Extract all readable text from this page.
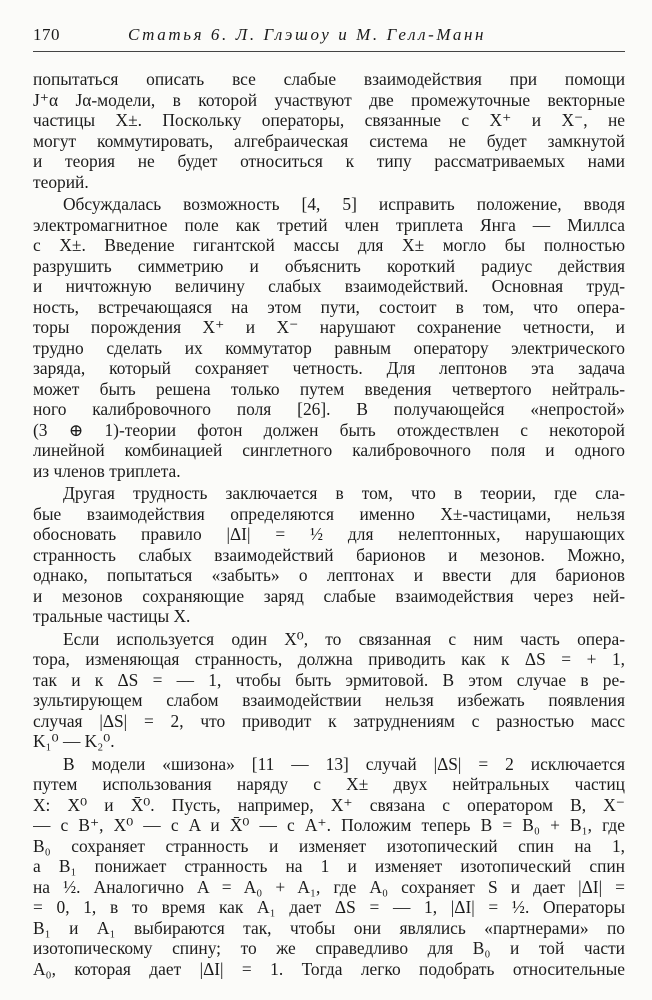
170	Статья 6. Л. Глэшоу и М. Гелл-Манн
попытаться описать все слабые взаимодействия при помощи
J⁺α Jα-модели, в которой участвуют две промежуточные векторные
частицы X±. Поскольку операторы, связанные с X⁺ и X⁻, не
могут коммутировать, алгебраическая система не будет замкнутой
и теория не будет относиться к типу рассматриваемых нами
теорий.
Обсуждалась возможность [4, 5] исправить положение, вводя
электромагнитное поле как третий член триплета Янга — Миллса
с X±. Введение гигантской массы для X± могло бы полностью
разрушить симметрию и объяснить короткий радиус действия
и ничтожную величину слабых взаимодействий. Основная труд-
ность, встречающаяся на этом пути, состоит в том, что опера-
торы порождения X⁺ и X⁻ нарушают сохранение четности, и
трудно сделать их коммутатор равным оператору электрического
заряда, который сохраняет четность. Для лептонов эта задача
может быть решена только путем введения четвертого нейтраль-
ного калибровочного поля [26]. В получающейся «непростой»
(3 ⊕ 1)-теории фотон должен быть отождествлен с некоторой
линейной комбинацией синглетного калибровочного поля и одного
из членов триплета.
Другая трудность заключается в том, что в теории, где сла-
бые взаимодействия определяются именно X±-частицами, нельзя
обосновать правило |ΔI| = ½ для нелептонных, нарушающих
странность слабых взаимодействий барионов и мезонов. Можно,
однако, попытаться «забыть» о лептонах и ввести для барионов
и мезонов сохраняющие заряд слабые взаимодействия через ней-
тральные частицы X.
Если используется один X⁰, то связанная с ним часть опера-
тора, изменяющая странность, должна приводить как к ΔS = + 1,
так и к ΔS = — 1, чтобы быть эрмитовой. В этом случае в ре-
зультирующем слабом взаимодействии нельзя избежать появления
случая |ΔS| = 2, что приводит к затруднениям с разностью масс
K₁⁰ — K₂⁰.
В модели «шизона» [11 — 13] случай |ΔS| = 2 исключается
путем использования наряду с X± двух нейтральных частиц
X: X⁰ и X̄⁰. Пусть, например, X⁺ связана с оператором B, X⁻
— с B⁺, X⁰ — с A и X̄⁰ — с A⁺. Положим теперь B = B₀ + B₁, где
B₀ сохраняет странность и изменяет изотопический спин на 1,
а B₁ понижает странность на 1 и изменяет изотопический спин
на ½. Аналогично A = A₀ + A₁, где A₀ сохраняет S и дает |ΔI| =
= 0, 1, в то время как A₁ дает ΔS = — 1, |ΔI| = ½. Операторы
B₁ и A₁ выбираются так, чтобы они являлись «партнерами» по
изотопическому спину; то же справедливо для B₀ и той части
A₀, которая дает |ΔI| = 1. Тогда легко подобрать относительные
